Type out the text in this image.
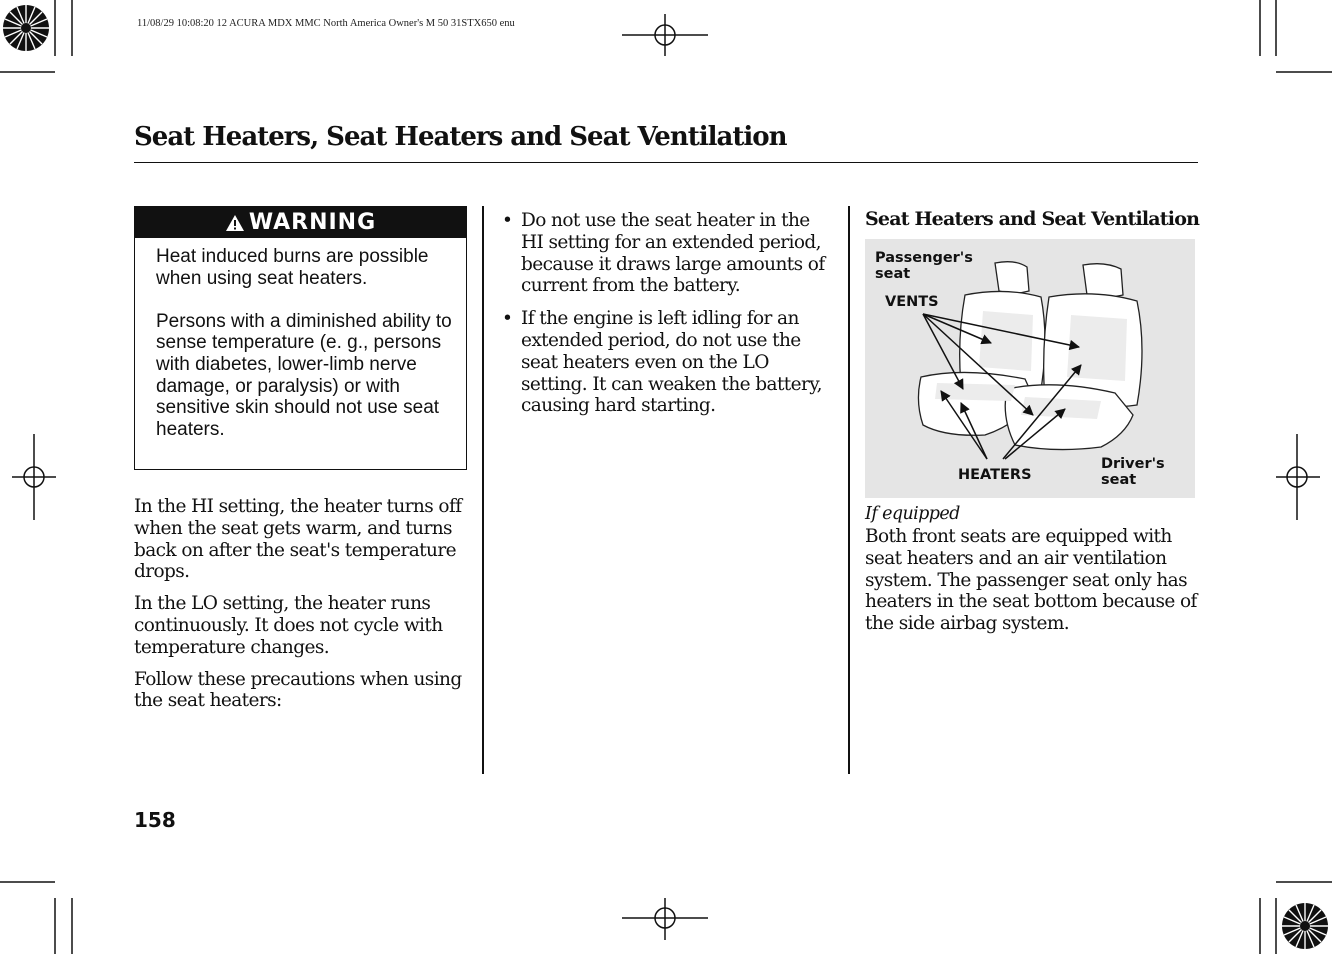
11/08/29 10:08:20 12 ACURA MDX MMC North America Owner's M 50 31STX650 enu
Seat Heaters, Seat Heaters and Seat Ventilation
WARNING

Heat induced burns are possible when using seat heaters.

Persons with a diminished ability to sense temperature (e. g., persons with diabetes, lower-limb nerve damage, or paralysis) or with sensitive skin should not use seat heaters.

In the HI setting, the heater turns off when the seat gets warm, and turns back on after the seat's temperature drops.

In the LO setting, the heater runs continuously. It does not cycle with temperature changes.

Follow these precautions when using the seat heaters:

• Do not use the seat heater in the HI setting for an extended period, because it draws large amounts of current from the battery.
• If the engine is left idling for an extended period, do not use the seat heaters even on the LO setting. It can weaken the battery, causing hard starting.
Seat Heaters and Seat Ventilation
Passenger's
seat
VENTS
HEATERS
Driver's
seat
If equipped

Both front seats are equipped with seat heaters and an air ventilation system. The passenger seat only has heaters in the seat bottom because of the side airbag system.

158
